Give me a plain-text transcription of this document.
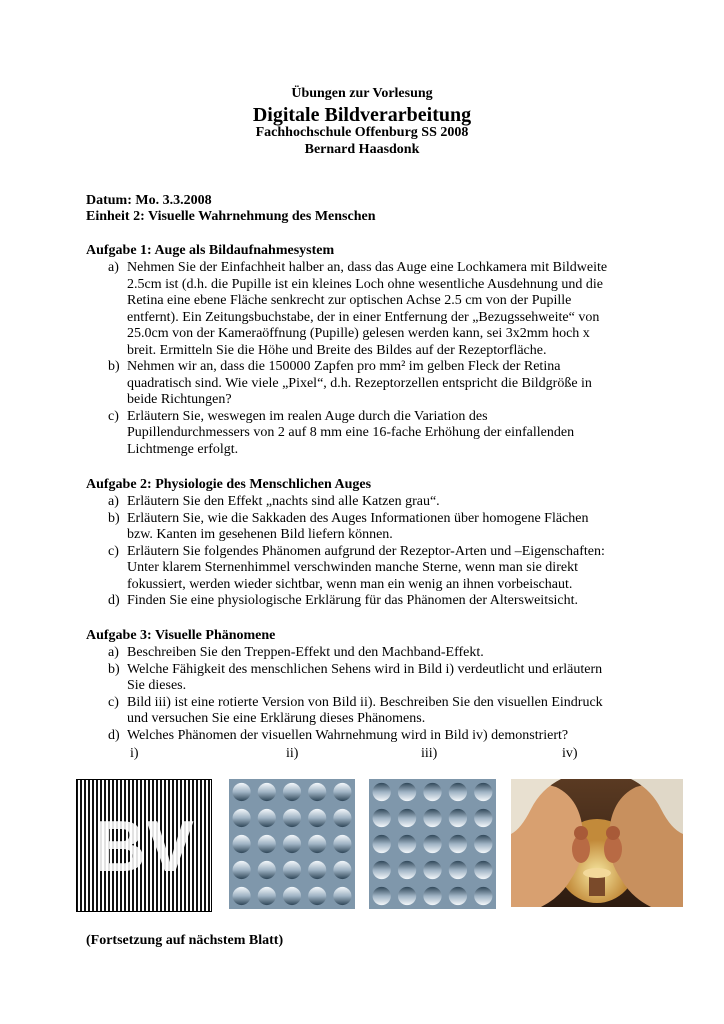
Übungen zur Vorlesung
Digitale Bildverarbeitung
Fachhochschule Offenburg SS 2008
Bernard Haasdonk
Datum: Mo. 3.3.2008
Einheit 2: Visuelle Wahrnehmung des Menschen
Aufgabe 1: Auge als Bildaufnahmesystem
a) Nehmen Sie der Einfachheit halber an, dass das Auge eine Lochkamera mit Bildweite
2.5cm ist (d.h. die Pupille ist ein kleines Loch ohne wesentliche Ausdehnung und die
Retina eine ebene Fläche senkrecht zur optischen Achse 2.5 cm von der Pupille
entfernt). Ein Zeitungsbuchstabe, der in einer Entfernung der „Bezugssehweite“ von
25.0cm von der Kameraöffnung (Pupille) gelesen werden kann, sei 3x2mm hoch x
breit. Ermitteln Sie die Höhe und Breite des Bildes auf der Rezeptorfläche.
b) Nehmen wir an, dass die 150000 Zapfen pro mm² im gelben Fleck der Retina
quadratisch sind. Wie viele „Pixel“, d.h. Rezeptorzellen entspricht die Bildgröße in
beide Richtungen?
c) Erläutern Sie, weswegen im realen Auge durch die Variation des
Pupillendurchmessers von 2 auf 8 mm eine 16-fache Erhöhung der einfallenden
Lichtmenge erfolgt.
Aufgabe 2: Physiologie des Menschlichen Auges
a) Erläutern Sie den Effekt „nachts sind alle Katzen grau“.
b) Erläutern Sie, wie die Sakkaden des Auges Informationen über homogene Flächen
bzw. Kanten im gesehenen Bild liefern können.
c) Erläutern Sie folgendes Phänomen aufgrund der Rezeptor-Arten und –Eigenschaften:
Unter klarem Sternenhimmel verschwinden manche Sterne, wenn man sie direkt
fokussiert, werden wieder sichtbar, wenn man ein wenig an ihnen vorbeischaut.
d) Finden Sie eine physiologische Erklärung für das Phänomen der Altersweitsicht.
Aufgabe 3: Visuelle Phänomene
a) Beschreiben Sie den Treppen-Effekt und den Machband-Effekt.
b) Welche Fähigkeit des menschlichen Sehens wird in Bild i) verdeutlicht und erläutern
Sie dieses.
c) Bild iii) ist eine rotierte Version von Bild ii). Beschreiben Sie den visuellen Eindruck
und versuchen Sie eine Erklärung dieses Phänomens.
d) Welches Phänomen der visuellen Wahrnehmung wird in Bild iv) demonstriert?
i)	ii)	iii)	iv)
BV
(Fortsetzung auf nächstem Blatt)
